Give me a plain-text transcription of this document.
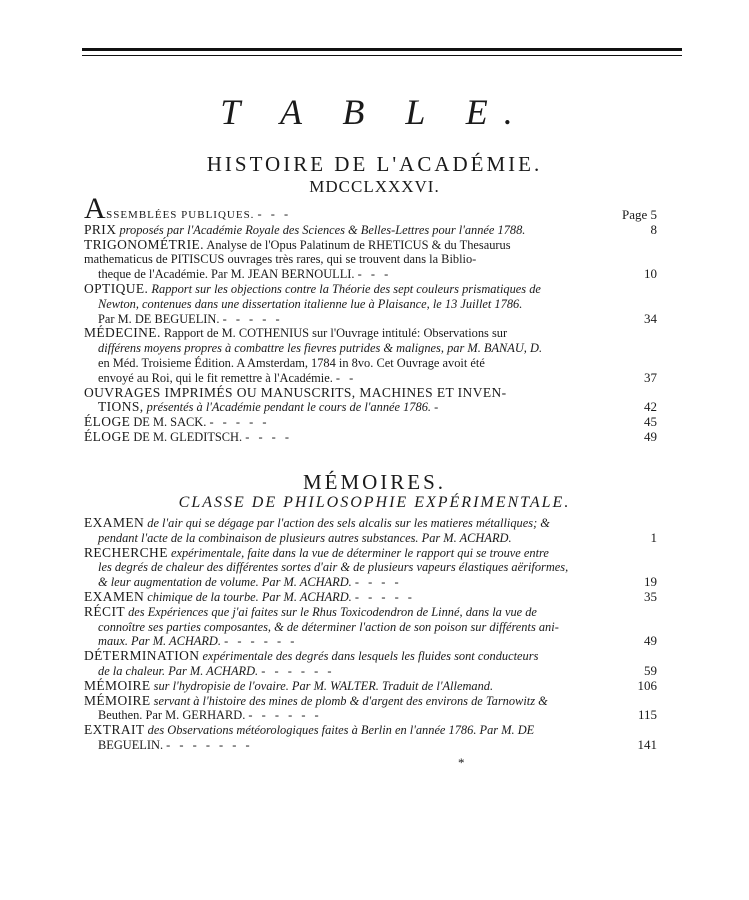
T A B L E.
HISTOIRE DE L'ACADÉMIE.
MDCCLXXXVI.
ASSEMBLÉES PUBLIQUES. - - -	Page 5
PRIX proposés par l'Académie Royale des Sciences & Belles-Lettres pour l'année 1788.	8
TRIGONOMÉTRIE. Analyse de l'Opus Palatinum de RHETICUS & du Thesaurus
mathematicus de PITISCUS ouvrages très rares, qui se trouvent dans la Biblio-
theque de l'Académie. Par M. JEAN BERNOULLI. - - -	10
OPTIQUE. Rapport sur les objections contre la Théorie des sept couleurs prismatiques de
Newton, contenues dans une dissertation italienne lue à Plaisance, le 13 Juillet 1786.
Par M. DE BEGUELIN. - - - - -	34
MÉDECINE. Rapport de M. COTHENIUS sur l'Ouvrage intitulé: Observations sur
différens moyens propres à combattre les fievres putrides & malignes, par M. BANAU, D.
en Méd. Troisieme Édition. A Amsterdam, 1784 in 8vo. Cet Ouvrage avoit été
envoyé au Roi, qui le fit remettre à l'Académie. - -	37
OUVRAGES IMPRIMÉS OU MANUSCRITS, MACHINES ET INVEN-
TIONS, présentés à l'Académie pendant le cours de l'année 1786. -	42
ÉLOGE DE M. SACK. - - - - -	45
ÉLOGE DE M. GLEDITSCH. - - - -	49
MÉMOIRES.
CLASSE DE PHILOSOPHIE EXPÉRIMENTALE.
EXAMEN de l'air qui se dégage par l'action des sels alcalis sur les matieres métalliques; &
pendant l'acte de la combinaison de plusieurs autres substances. Par M. ACHARD.	1
RECHERCHE expérimentale, faite dans la vue de déterminer le rapport qui se trouve entre
les degrés de chaleur des différentes sortes d'air & de plusieurs vapeurs élastiques aëriformes,
& leur augmentation de volume. Par M. ACHARD. - - - -	19
EXAMEN chimique de la tourbe. Par M. ACHARD. - - - - -	35
RÉCIT des Expériences que j'ai faites sur le Rhus Toxicodendron de Linné, dans la vue de
connoître ses parties composantes, & de déterminer l'action de son poison sur différents ani-
maux. Par M. ACHARD. - - - - - -	49
DÉTERMINATION expérimentale des degrés dans lesquels les fluides sont conducteurs
de la chaleur. Par M. ACHARD. - - - - - -	59
MÉMOIRE sur l'hydropisie de l'ovaire. Par M. WALTER. Traduit de l'Allemand.	106
MÉMOIRE servant à l'histoire des mines de plomb & d'argent des environs de Tarnowitz &
Beuthen. Par M. GERHARD. - - - - - -	115
EXTRAIT des Observations météorologiques faites à Berlin en l'année 1786. Par M. DE
BEGUELIN. - - - - - - -	141
*
